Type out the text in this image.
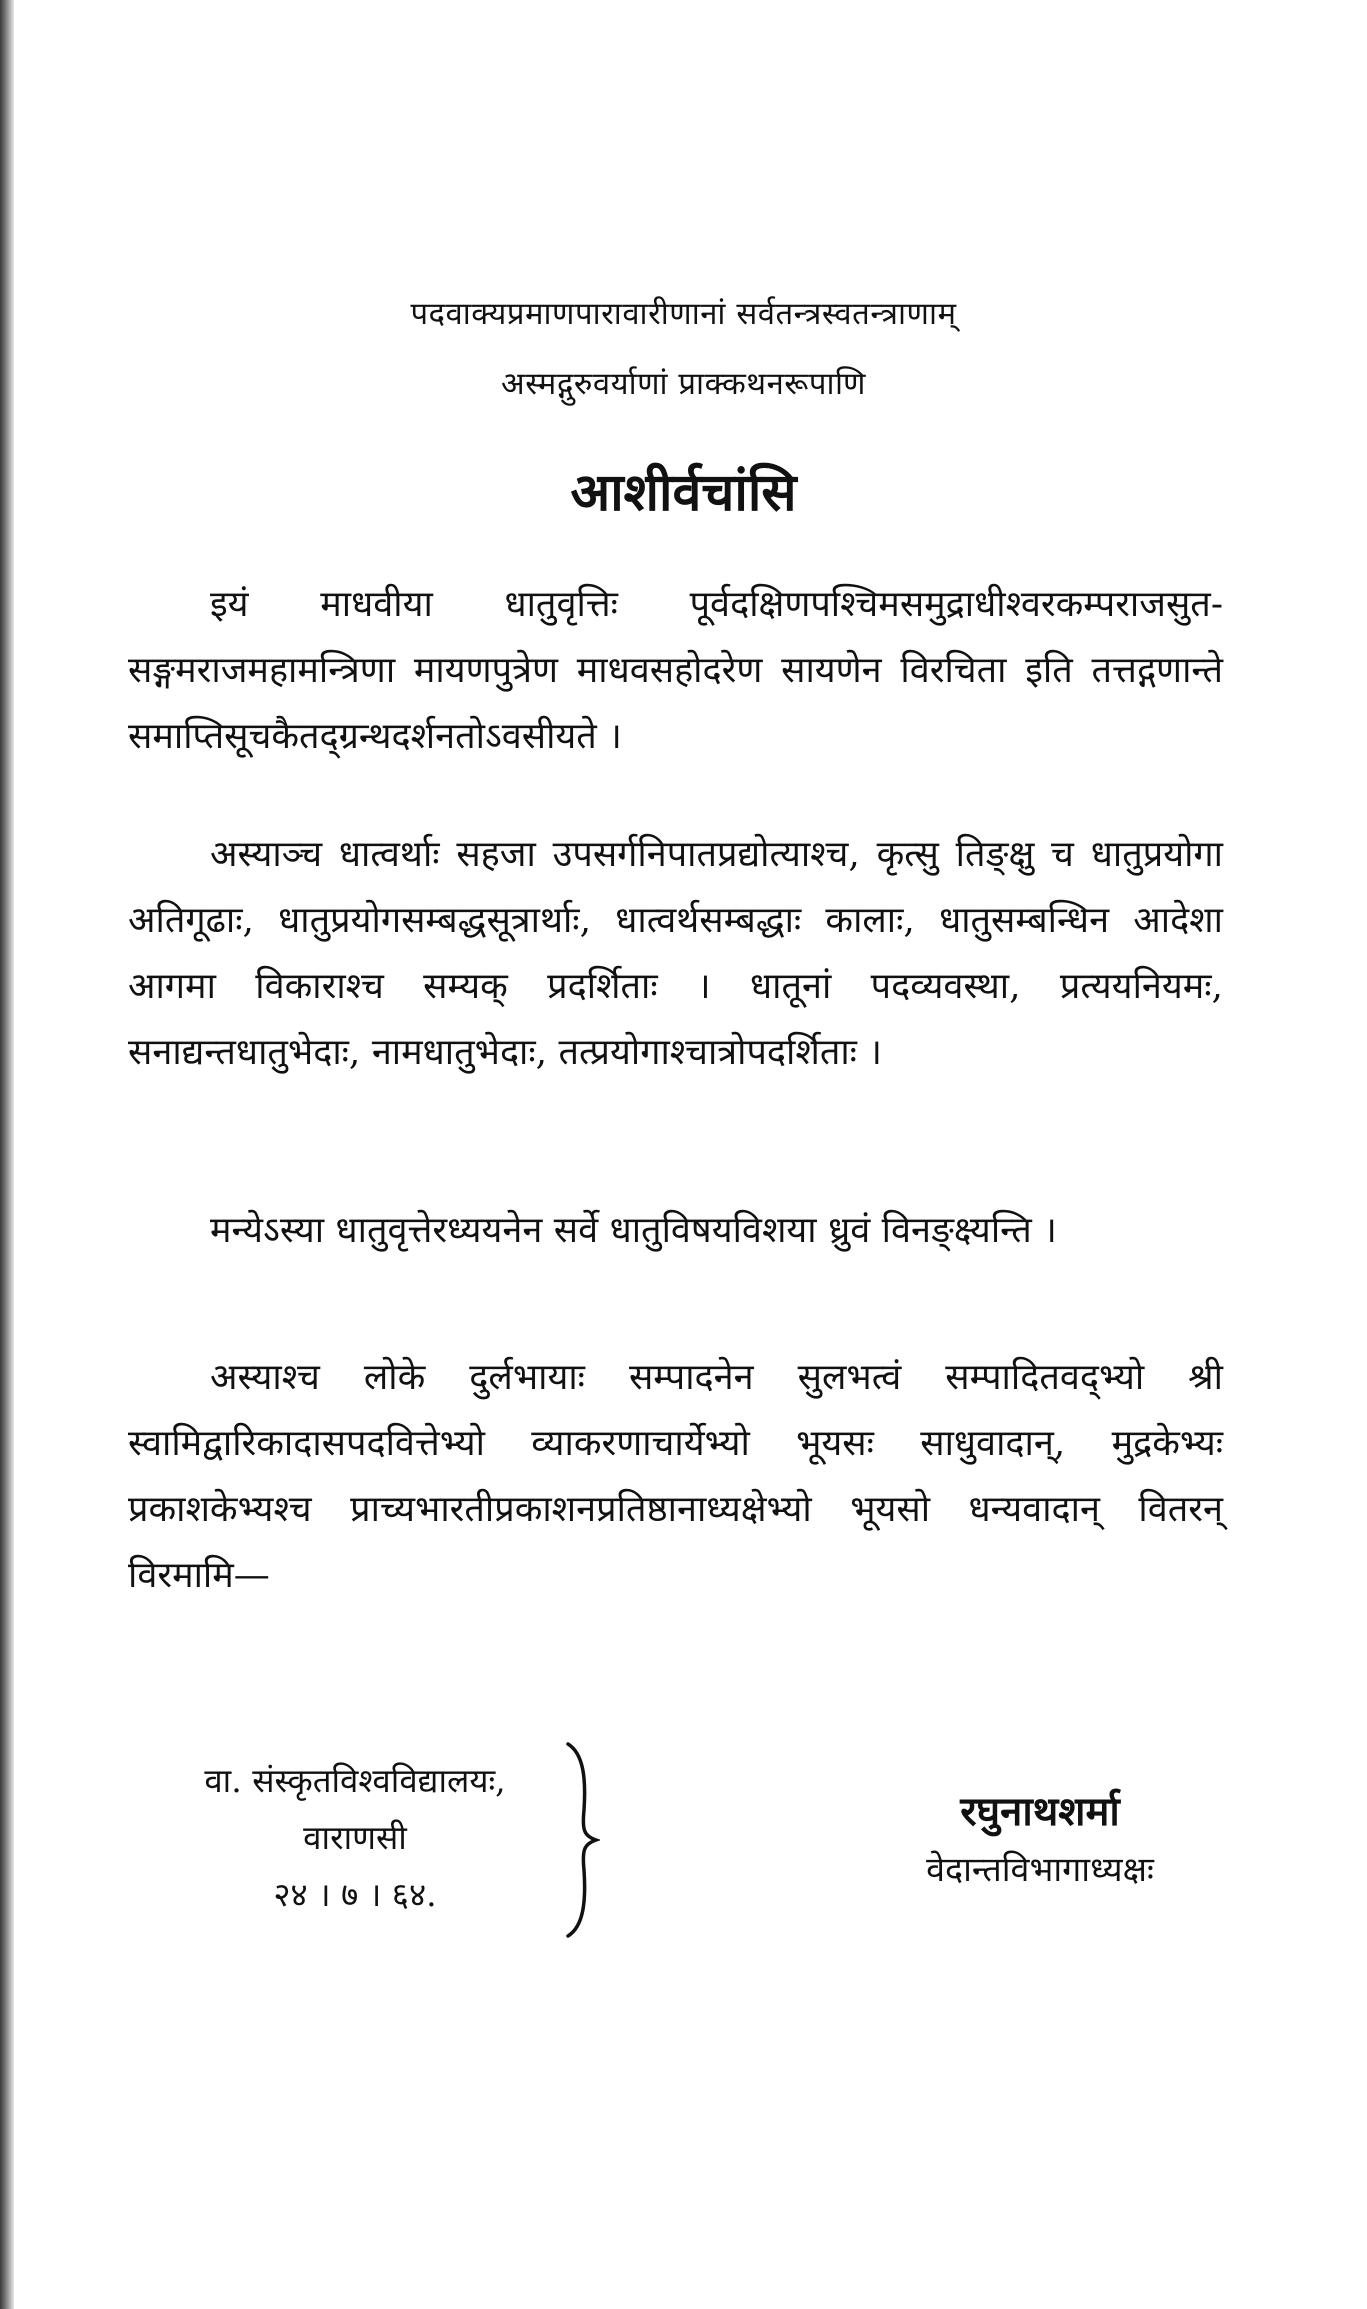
पदवाक्यप्रमाणपारावारीणानां सर्वतन्त्रस्वतन्त्राणाम्
अस्मद्गुरुवर्याणां प्राक्कथनरूपाणि
आशीर्वचांसि
इयं माधवीया धातुवृत्तिः पूर्वदक्षिणपश्चिमसमुद्राधीश्वरकम्पराजसुत-सङ्गमराजमहामन्त्रिणा मायणपुत्रेण माधवसहोदरेण सायणेन विरचिता इति तत्तद्गणान्ते समाप्तिसूचकैतद्ग्रन्थदर्शनतोऽवसीयते ।
अस्याञ्च धात्वर्थाः सहजा उपसर्गनिपातप्रद्योत्याश्च, कृत्सु तिङ्क्षु च धातुप्रयोगा अतिगूढाः, धातुप्रयोगसम्बद्धसूत्रार्थाः, धात्वर्थसम्बद्धाः कालाः, धातुसम्बन्धिन आदेशा आगमा विकाराश्च सम्यक् प्रदर्शिताः । धातूनां पदव्यवस्था, प्रत्ययनियमः, सनाद्यन्तधातुभेदाः, नामधातुभेदाः, तत्प्रयोगाश्चात्रोपदर्शिताः ।
मन्येऽस्या धातुवृत्तेरध्ययनेन सर्वे धातुविषयविशया ध्रुवं विनङ्क्ष्यन्ति ।
अस्याश्च लोके दुर्लभायाः सम्पादनेन सुलभत्वं सम्पादितवद्भ्यो श्री स्वामिद्वारिकादासपदवित्तेभ्यो व्याकरणाचार्येभ्यो भूयसः साधुवादान्, मुद्रकेभ्यः प्रकाशकेभ्यश्च प्राच्यभारतीप्रकाशनप्रतिष्ठानाध्यक्षेभ्यो भूयसो धन्यवादान् वितरन् विरमामि—
वा. संस्कृतविश्वविद्यालयः,
वाराणसी
२४ । ७ । ६४.
रघुनाथशर्मा
वेदान्तविभागाध्यक्षः
